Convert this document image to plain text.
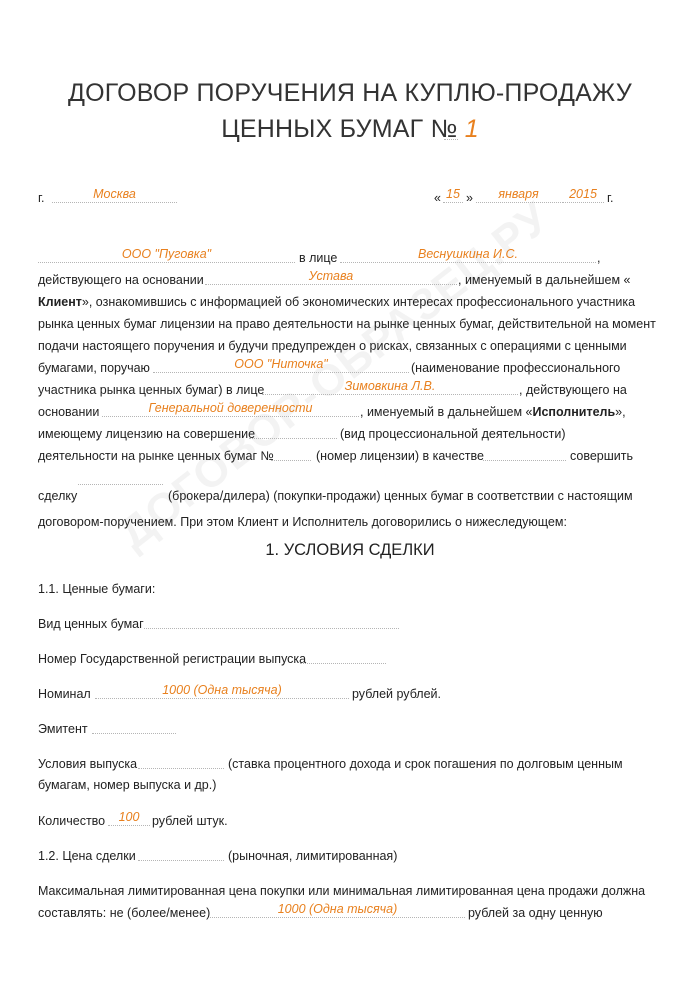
ДОГОВОР ПОРУЧЕНИЯ НА КУПЛЮ-ПРОДАЖУ
ЦЕННЫХ БУМАГ № 1
г.	Москва	« 15 »	января	2015 г.
ООО "Пуговка"	в лице	Веснушкина И.С.	,
действующего на основании	Устава	, именуемый в дальнейшем «
Клиент», ознакомившись с информацией об экономических интересах профессионального участника
рынка ценных бумаг лицензии на право деятельности на рынке ценных бумаг, действительной на момент
подачи настоящего поручения и будучи предупрежден о рисках, связанных с операциями с ценными
бумагами, поручаю	ООО "Ниточка"	(наименование профессионального
участника рынка ценных бумаг) в лице	Зимовкина Л.В.	, действующего на
основании	Генеральной доверенности	, именуемый в дальнейшем «Исполнитель»,
имеющему лицензию на совершение	(вид процессиональной деятельности)
деятельности на рынке ценных бумаг №	(номер лицензии) в качестве	совершить
сделку	(брокера/дилера) (покупки-продажи) ценных бумаг в соответствии с настоящим
договором-поручением. При этом Клиент и Исполнитель договорились о нижеследующем:
1. УСЛОВИЯ СДЕЛКИ
1.1. Ценные бумаги:
Вид ценных бумаг
Номер Государственной регистрации выпуска
Номинал	1000 (Одна тысяча)	рублей рублей.
Эмитент
Условия выпуска	(ставка процентного дохода и срок погашения по долговым ценным
бумагам, номер выпуска и др.)
Количество	100	рублей штук.
1.2. Цена сделки	(рыночная, лимитированная)
Максимальная лимитированная цена покупки или минимальная лимитированная цена продажи должна
составлять: не (более/менее)	1000 (Одна тысяча)	рублей за одну ценную
